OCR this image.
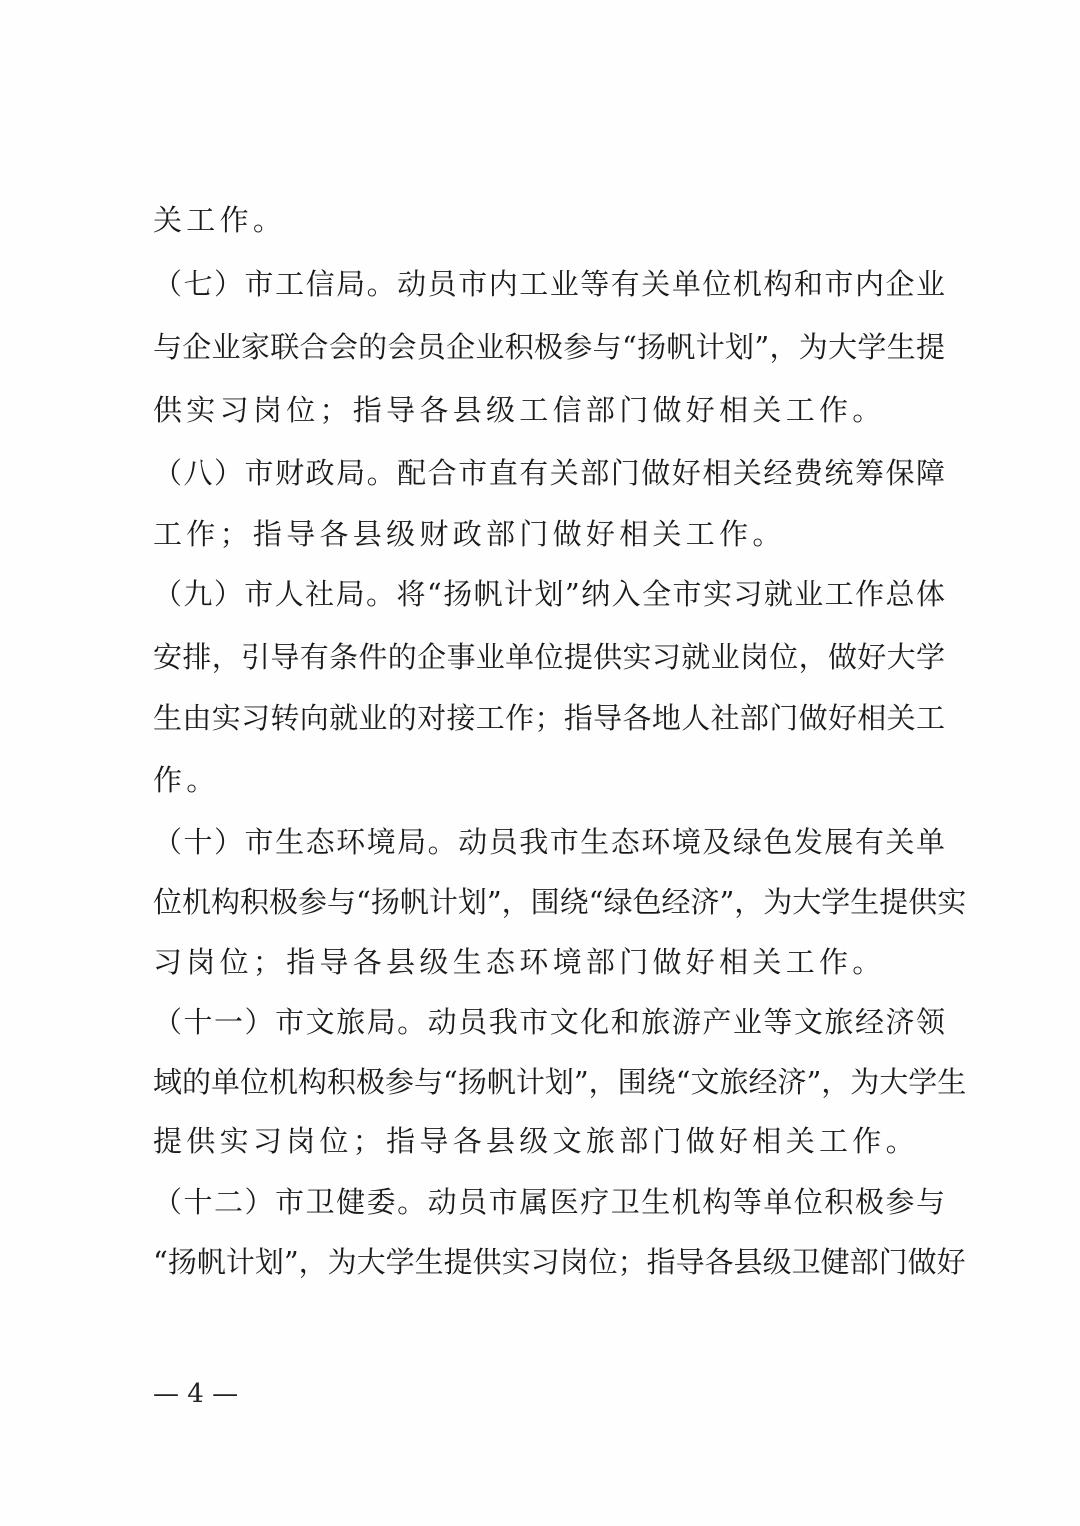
关工作。
（七）市工信局。动员市内工业等有关单位机构和市内企业
与企业家联合会的会员企业积极参与“扬帆计划”，为大学生提
供实习岗位；指导各县级工信部门做好相关工作。
（八）市财政局。配合市直有关部门做好相关经费统筹保障
工作；指导各县级财政部门做好相关工作。
（九）市人社局。将“扬帆计划”纳入全市实习就业工作总体
安排，引导有条件的企事业单位提供实习就业岗位，做好大学
生由实习转向就业的对接工作；指导各地人社部门做好相关工
作。
（十）市生态环境局。动员我市生态环境及绿色发展有关单
位机构积极参与“扬帆计划”，围绕“绿色经济”，为大学生提供实
习岗位；指导各县级生态环境部门做好相关工作。
（十一）市文旅局。动员我市文化和旅游产业等文旅经济领
域的单位机构积极参与“扬帆计划”，围绕“文旅经济”，为大学生
提供实习岗位；指导各县级文旅部门做好相关工作。
（十二）市卫健委。动员市属医疗卫生机构等单位积极参与
“扬帆计划”，为大学生提供实习岗位；指导各县级卫健部门做好
— 4 —
